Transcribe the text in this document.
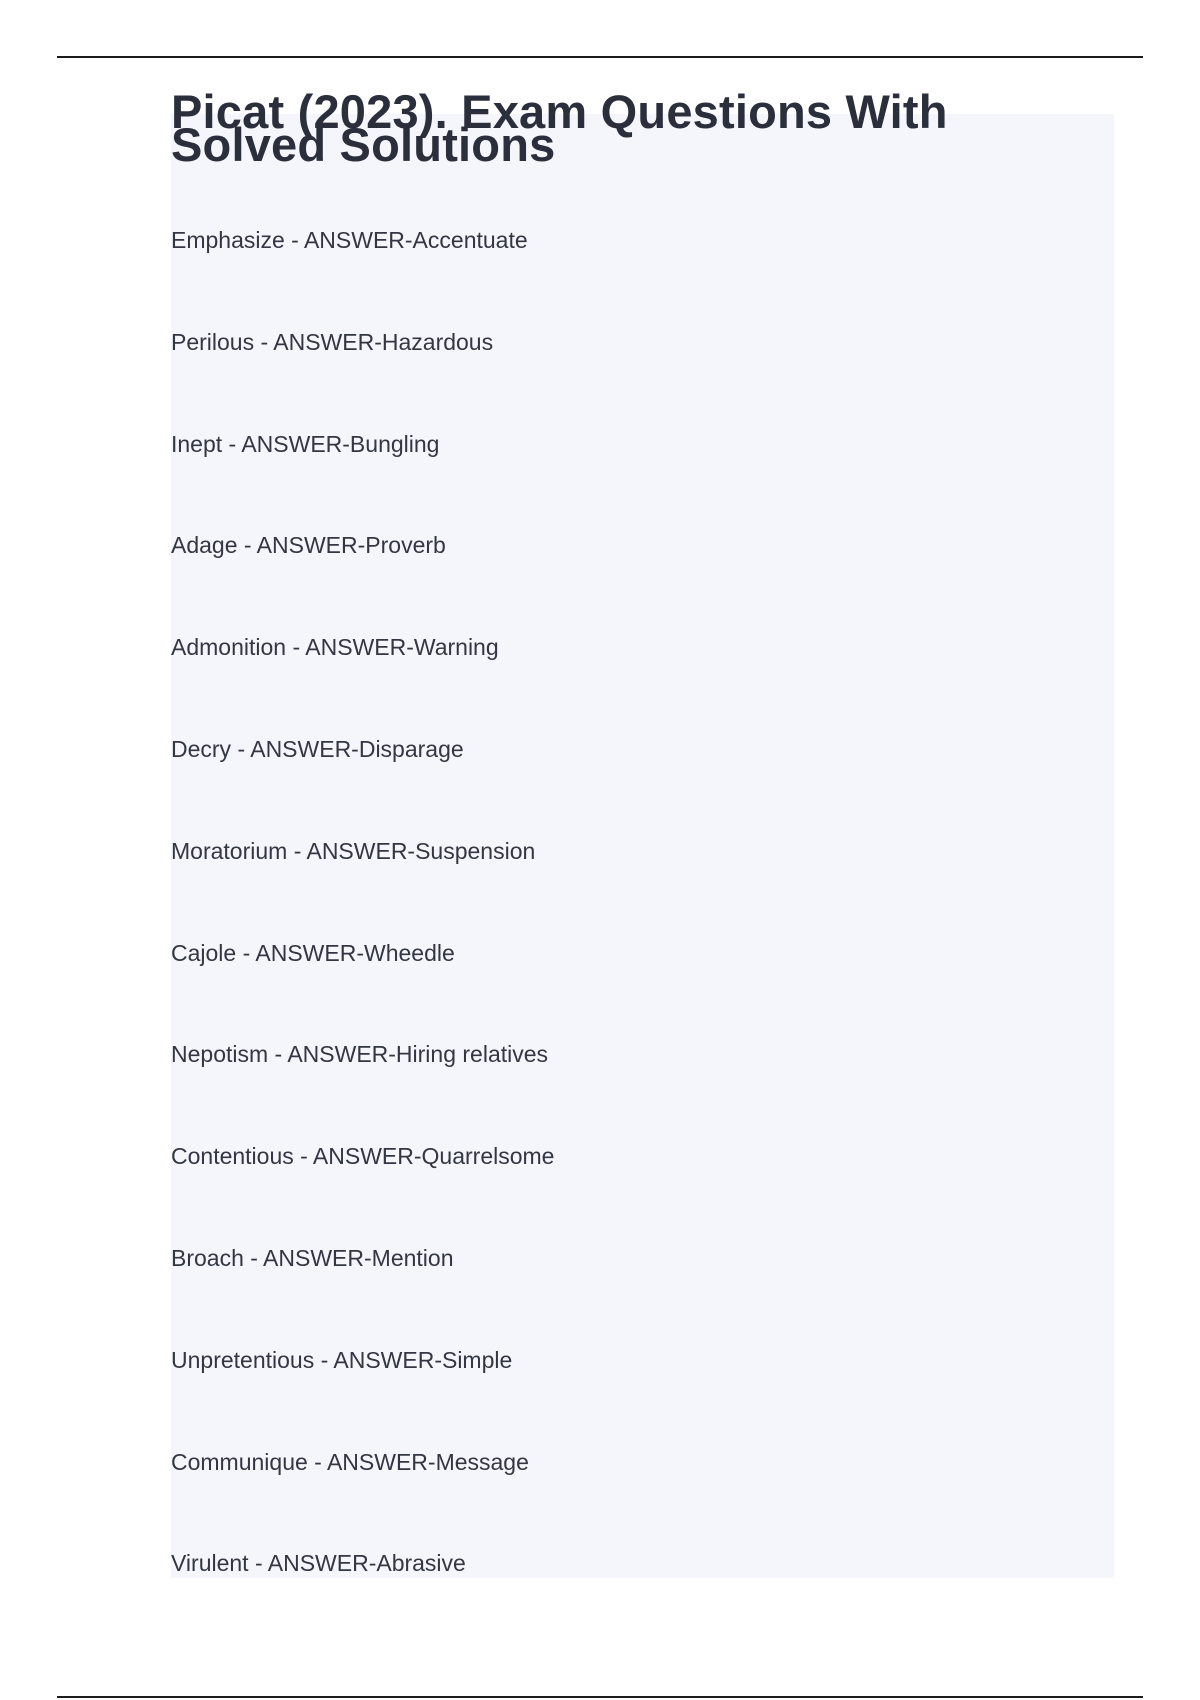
Picat (2023). Exam Questions With Solved Solutions
Emphasize - ANSWER-Accentuate
Perilous - ANSWER-Hazardous
Inept - ANSWER-Bungling
Adage - ANSWER-Proverb
Admonition - ANSWER-Warning
Decry - ANSWER-Disparage
Moratorium - ANSWER-Suspension
Cajole - ANSWER-Wheedle
Nepotism - ANSWER-Hiring relatives
Contentious - ANSWER-Quarrelsome
Broach - ANSWER-Mention
Unpretentious - ANSWER-Simple
Communique - ANSWER-Message
Virulent - ANSWER-Abrasive
